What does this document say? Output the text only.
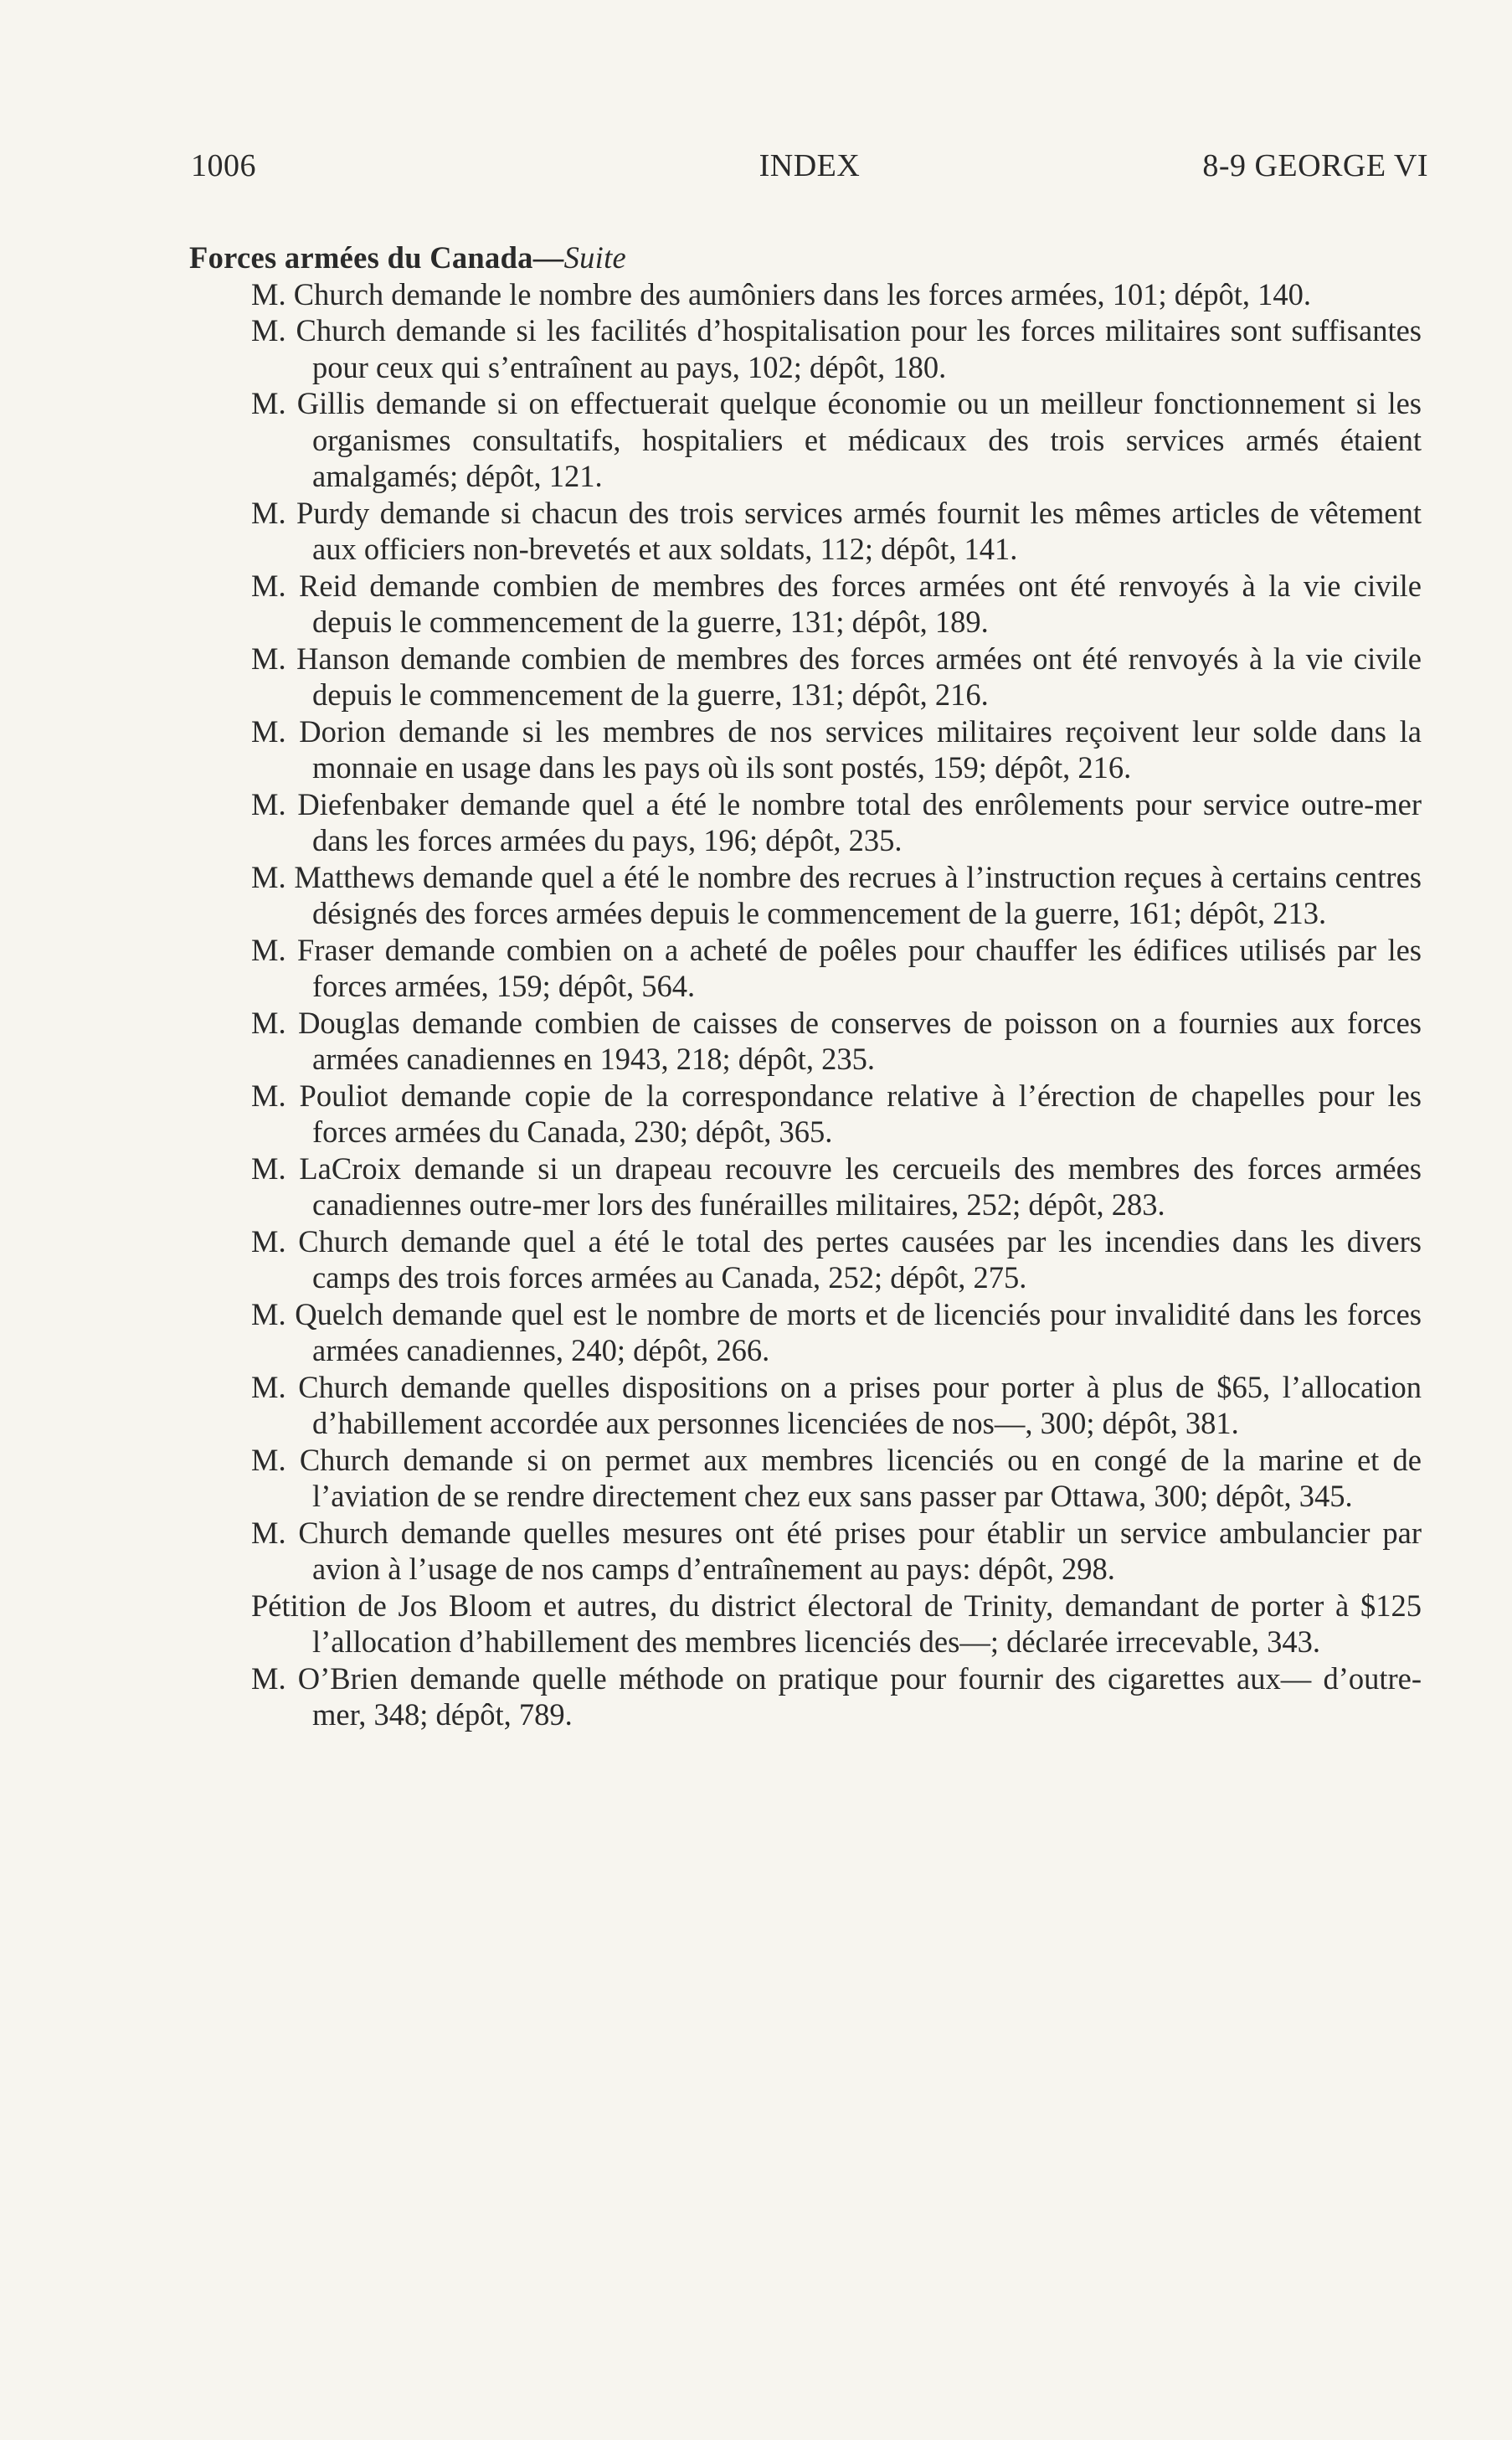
1006	INDEX	8-9 GEORGE VI

Forces armées du Canada—Suite

M. Church demande le nombre des aumôniers dans les forces armées, 101; dépôt, 140.

M. Church demande si les facilités d’hospitalisation pour les forces militaires sont suffisantes pour ceux qui s’entraînent au pays, 102; dépôt, 180.

M. Gillis demande si on effectuerait quelque économie ou un meilleur fonctionnement si les organismes consultatifs, hospitaliers et médicaux des trois services armés étaient amalgamés; dépôt, 121.

M. Purdy demande si chacun des trois services armés fournit les mêmes articles de vêtement aux officiers non-brevetés et aux soldats, 112; dépôt, 141.

M. Reid demande combien de membres des forces armées ont été renvoyés à la vie civile depuis le commencement de la guerre, 131; dépôt, 189.

M. Hanson demande combien de membres des forces armées ont été renvoyés à la vie civile depuis le commencement de la guerre, 131; dépôt, 216.

M. Dorion demande si les membres de nos services militaires reçoivent leur solde dans la monnaie en usage dans les pays où ils sont postés, 159; dépôt, 216.

M. Diefenbaker demande quel a été le nombre total des enrôlements pour service outre-mer dans les forces armées du pays, 196; dépôt, 235.

M. Matthews demande quel a été le nombre des recrues à l’instruction reçues à certains centres désignés des forces armées depuis le commencement de la guerre, 161; dépôt, 213.

M. Fraser demande combien on a acheté de poêles pour chauffer les édifices utilisés par les forces armées, 159; dépôt, 564.

M. Douglas demande combien de caisses de conserves de poisson on a fournies aux forces armées canadiennes en 1943, 218; dépôt, 235.

M. Pouliot demande copie de la correspondance relative à l’érection de chapelles pour les forces armées du Canada, 230; dépôt, 365.

M. LaCroix demande si un drapeau recouvre les cercueils des membres des forces armées canadiennes outre-mer lors des funérailles militaires, 252; dépôt, 283.

M. Church demande quel a été le total des pertes causées par les incendies dans les divers camps des trois forces armées au Canada, 252; dépôt, 275.

M. Quelch demande quel est le nombre de morts et de licenciés pour invalidité dans les forces armées canadiennes, 240; dépôt, 266.

M. Church demande quelles dispositions on a prises pour porter à plus de $65, l’allocation d’habillement accordée aux personnes licenciées de nos—, 300; dépôt, 381.

M. Church demande si on permet aux membres licenciés ou en congé de la marine et de l’aviation de se rendre directement chez eux sans passer par Ottawa, 300; dépôt, 345.

M. Church demande quelles mesures ont été prises pour établir un service ambulancier par avion à l’usage de nos camps d’entraînement au pays: dépôt, 298.

Pétition de Jos Bloom et autres, du district électoral de Trinity, demandant de porter à $125 l’allocation d’habillement des membres licenciés des—; déclarée irrecevable, 343.

M. O’Brien demande quelle méthode on pratique pour fournir des cigarettes aux— d’outre-mer, 348; dépôt, 789.
